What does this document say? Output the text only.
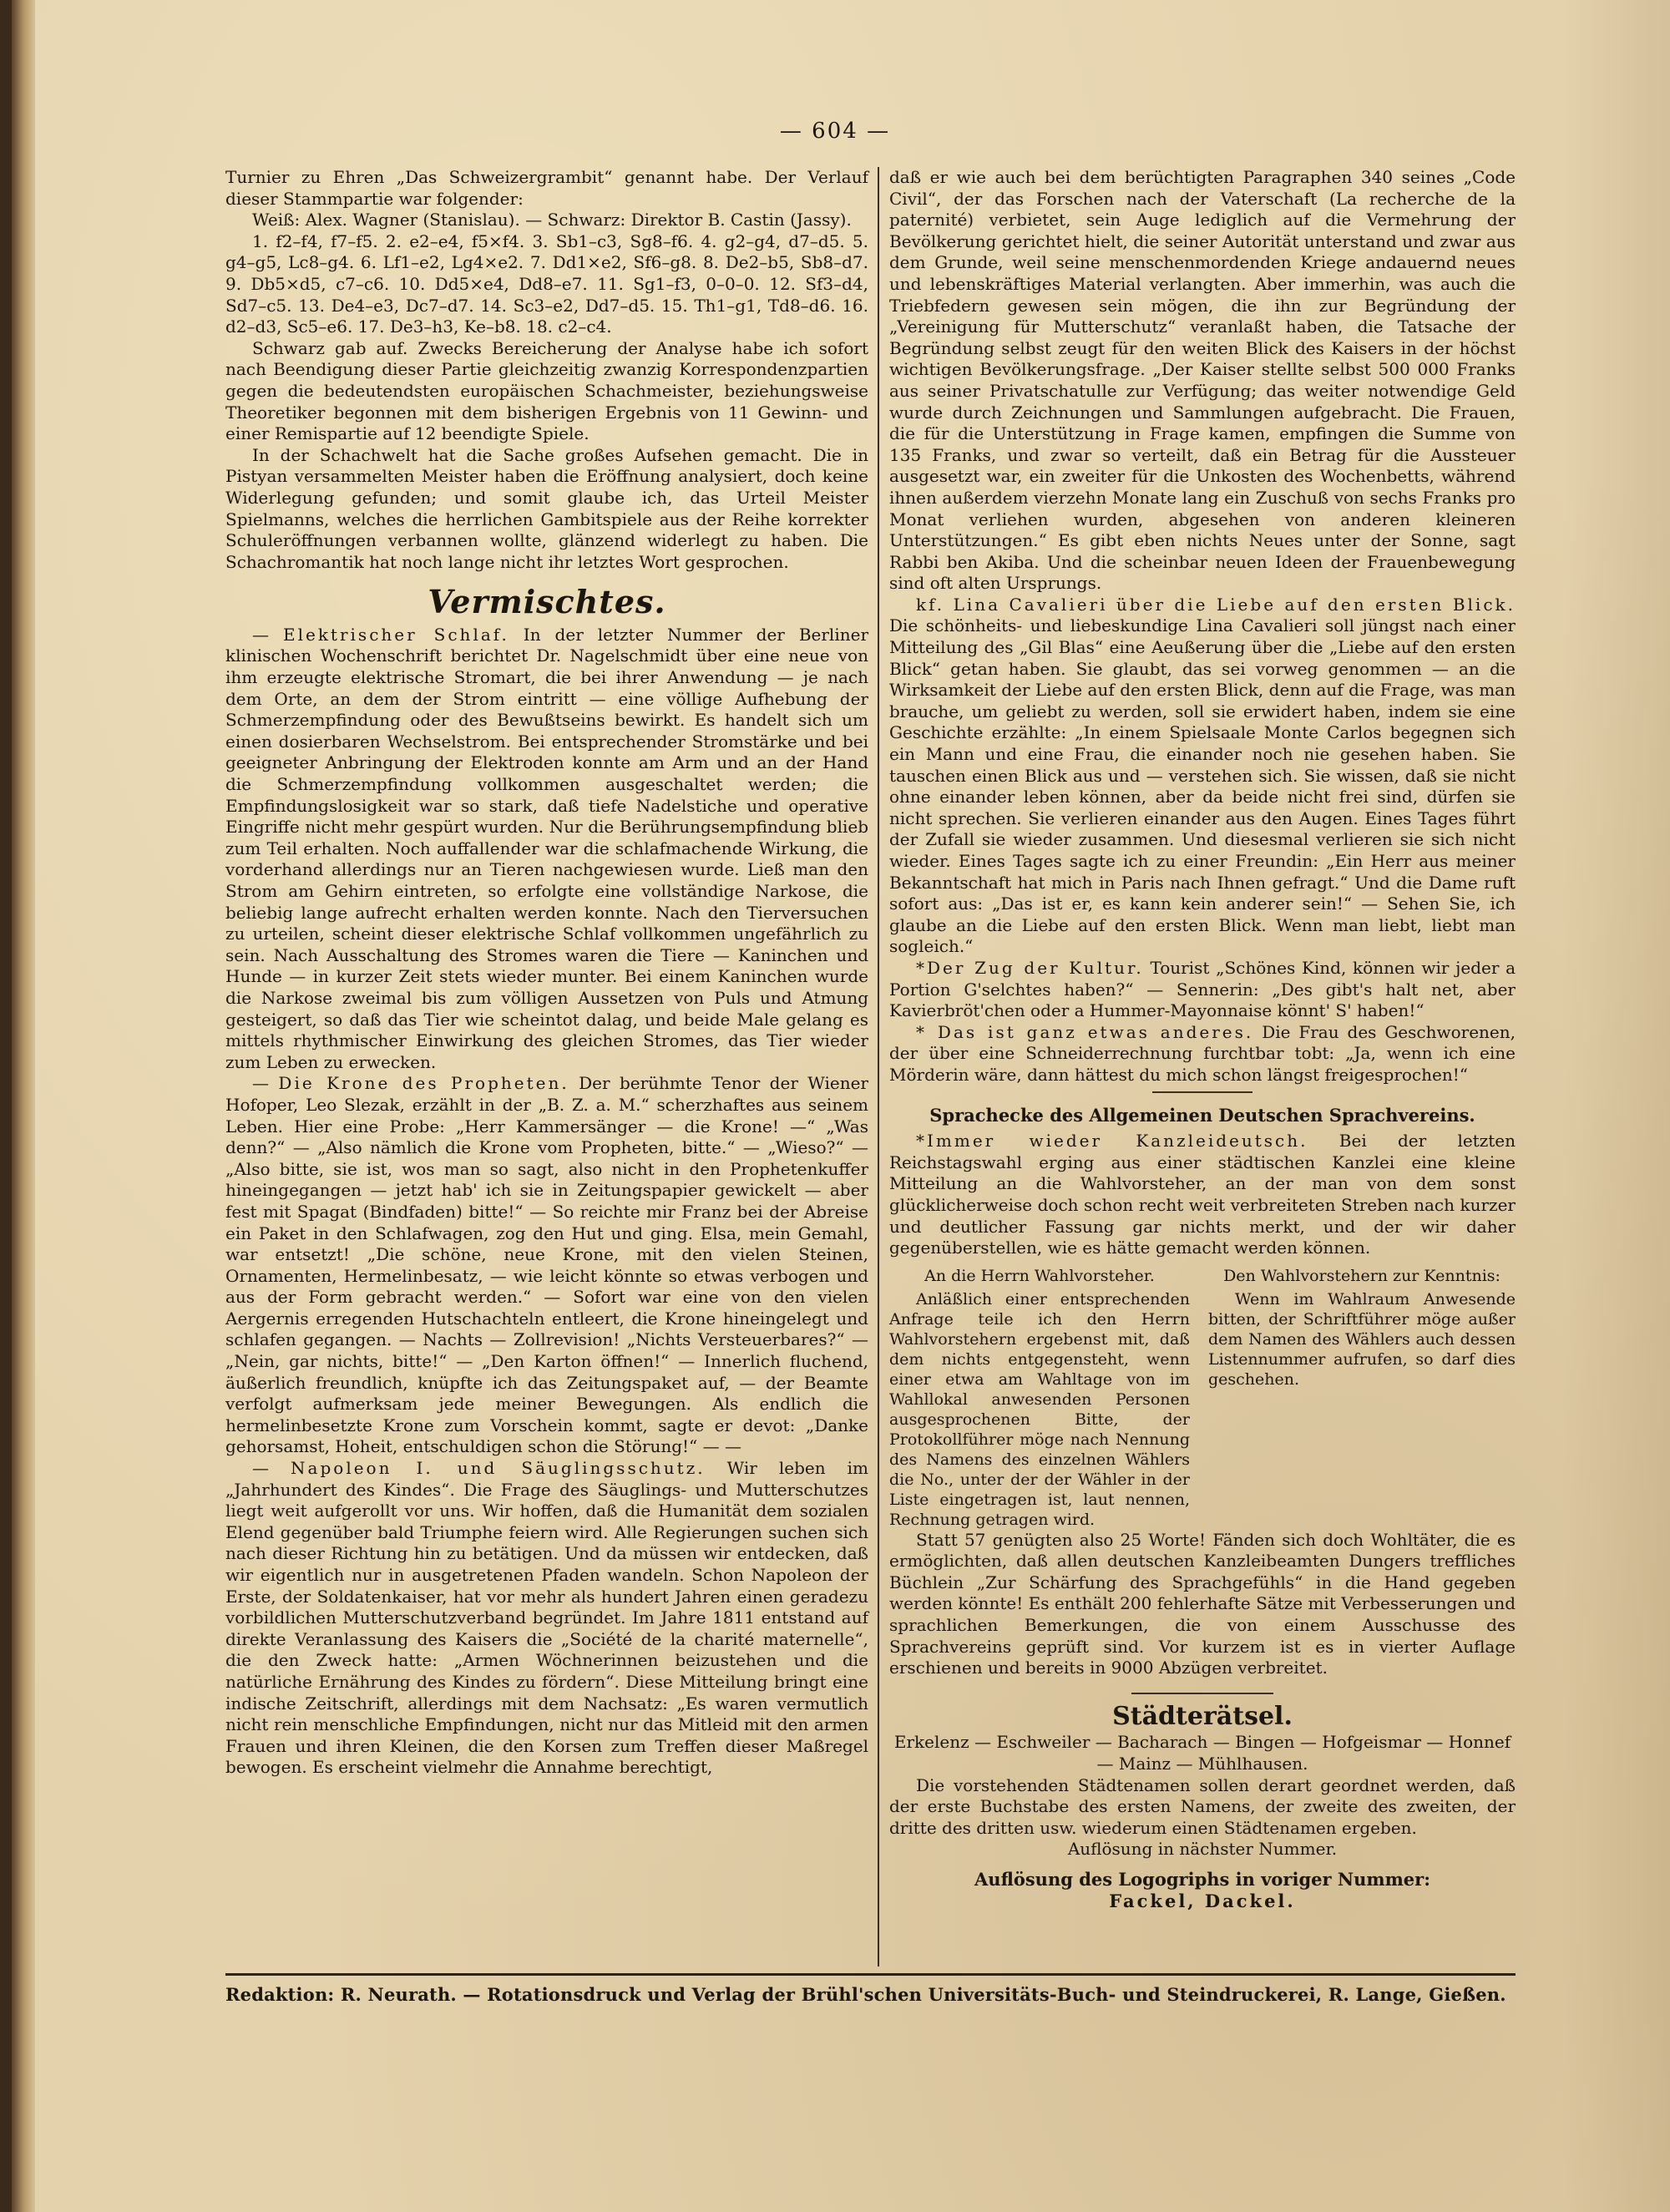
— 604 —

Turnier zu Ehren „Das Schweizergrambit“ genannt habe. Der Verlauf dieser Stammpartie war folgender:

Weiß: Alex. Wagner (Stanislau). — Schwarz: Direktor B. Castin (Jassy).

1. f2–f4, f7–f5. 2. e2–e4, f5×f4. 3. Sb1–c3, Sg8–f6. 4. g2–g4, d7–d5. 5. g4–g5, Lc8–g4. 6. Lf1–e2, Lg4×e2. 7. Dd1×e2, Sf6–g8. 8. De2–b5, Sb8–d7. 9. Db5×d5, c7–c6. 10. Dd5×e4, Dd8–e7. 11. Sg1–f3, 0–0–0. 12. Sf3–d4, Sd7–c5. 13. De4–e3, Dc7–d7. 14. Sc3–e2, Dd7–d5. 15. Th1–g1, Td8–d6. 16. d2–d3, Sc5–e6. 17. De3–h3, Ke–b8. 18. c2–c4.

Schwarz gab auf. Zwecks Bereicherung der Analyse habe ich sofort nach Beendigung dieser Partie gleichzeitig zwanzig Korrespondenzpartien gegen die bedeutendsten europäischen Schachmeister, beziehungsweise Theoretiker begonnen mit dem bisherigen Ergebnis von 11 Gewinn- und einer Remispartie auf 12 beendigte Spiele.

In der Schachwelt hat die Sache großes Aufsehen gemacht. Die in Pistyan versammelten Meister haben die Eröffnung analysiert, doch keine Widerlegung gefunden; und somit glaube ich, das Urteil Meister Spielmanns, welches die herrlichen Gambitspiele aus der Reihe korrekter Schuleröffnungen verbannen wollte, glänzend widerlegt zu haben. Die Schachromantik hat noch lange nicht ihr letztes Wort gesprochen.

Vermischtes.

— Elektrischer Schlaf. In der letzter Nummer der Berliner klinischen Wochenschrift berichtet Dr. Nagelschmidt über eine neue von ihm erzeugte elektrische Stromart, die bei ihrer Anwendung — je nach dem Orte, an dem der Strom eintritt — eine völlige Aufhebung der Schmerzempfindung oder des Bewußtseins bewirkt. Es handelt sich um einen dosierbaren Wechselstrom. Bei entsprechender Stromstärke und bei geeigneter Anbringung der Elektroden konnte am Arm und an der Hand die Schmerzempfindung vollkommen ausgeschaltet werden; die Empfindungslosigkeit war so stark, daß tiefe Nadelstiche und operative Eingriffe nicht mehr gespürt wurden. Nur die Berührungsempfindung blieb zum Teil erhalten. Noch auffallender war die schlafmachende Wirkung, die vorderhand allerdings nur an Tieren nachgewiesen wurde. Ließ man den Strom am Gehirn eintreten, so erfolgte eine vollständige Narkose, die beliebig lange aufrecht erhalten werden konnte. Nach den Tierversuchen zu urteilen, scheint dieser elektrische Schlaf vollkommen ungefährlich zu sein. Nach Ausschaltung des Stromes waren die Tiere — Kaninchen und Hunde — in kurzer Zeit stets wieder munter. Bei einem Kaninchen wurde die Narkose zweimal bis zum völligen Aussetzen von Puls und Atmung gesteigert, so daß das Tier wie scheintot dalag, und beide Male gelang es mittels rhythmischer Einwirkung des gleichen Stromes, das Tier wieder zum Leben zu erwecken.

— Die Krone des Propheten. Der berühmte Tenor der Wiener Hofoper, Leo Slezak, erzählt in der „B. Z. a. M.“ scherzhaftes aus seinem Leben. Hier eine Probe: „Herr Kammersänger — die Krone! —“ „Was denn?“ — „Also nämlich die Krone vom Propheten, bitte.“ — „Wieso?“ — „Also bitte, sie ist, wos man so sagt, also nicht in den Prophetenkuffer hineingegangen — jetzt hab' ich sie in Zeitungspapier gewickelt — aber fest mit Spagat (Bindfaden) bitte!“ — So reichte mir Franz bei der Abreise ein Paket in den Schlafwagen, zog den Hut und ging. Elsa, mein Gemahl, war entsetzt! „Die schöne, neue Krone, mit den vielen Steinen, Ornamenten, Hermelinbesatz, — wie leicht könnte so etwas verbogen und aus der Form gebracht werden.“ — Sofort war eine von den vielen Aergernis erregenden Hutschachteln entleert, die Krone hineingelegt und schlafen gegangen. — Nachts — Zollrevision! „Nichts Versteuerbares?“ — „Nein, gar nichts, bitte!“ — „Den Karton öffnen!“ — Innerlich fluchend, äußerlich freundlich, knüpfte ich das Zeitungspaket auf, — der Beamte verfolgt aufmerksam jede meiner Bewegungen. Als endlich die hermelinbesetzte Krone zum Vorschein kommt, sagte er devot: „Danke gehorsamst, Hoheit, entschuldigen schon die Störung!“ — —

— Napoleon I. und Säuglingsschutz. Wir leben im „Jahrhundert des Kindes“. Die Frage des Säuglings- und Mutterschutzes liegt weit aufgerollt vor uns. Wir hoffen, daß die Humanität dem sozialen Elend gegenüber bald Triumphe feiern wird. Alle Regierungen suchen sich nach dieser Richtung hin zu betätigen. Und da müssen wir entdecken, daß wir eigentlich nur in ausgetretenen Pfaden wandeln. Schon Napoleon der Erste, der Soldatenkaiser, hat vor mehr als hundert Jahren einen geradezu vorbildlichen Mutterschutzverband begründet. Im Jahre 1811 entstand auf direkte Veranlassung des Kaisers die „Société de la charité maternelle“, die den Zweck hatte: „Armen Wöchnerinnen beizustehen und die natürliche Ernährung des Kindes zu fördern“. Diese Mitteilung bringt eine indische Zeitschrift, allerdings mit dem Nachsatz: „Es waren vermutlich nicht rein menschliche Empfindungen, nicht nur das Mitleid mit den armen Frauen und ihren Kleinen, die den Korsen zum Treffen dieser Maßregel bewogen. Es erscheint vielmehr die Annahme berechtigt,

daß er wie auch bei dem berüchtigten Paragraphen 340 seines „Code Civil“, der das Forschen nach der Vaterschaft (La recherche de la paternité) verbietet, sein Auge lediglich auf die Vermehrung der Bevölkerung gerichtet hielt, die seiner Autorität unterstand und zwar aus dem Grunde, weil seine menschenmordenden Kriege andauernd neues und lebenskräftiges Material verlangten. Aber immerhin, was auch die Triebfedern gewesen sein mögen, die ihn zur Begründung der „Vereinigung für Mutterschutz“ veranlaßt haben, die Tatsache der Begründung selbst zeugt für den weiten Blick des Kaisers in der höchst wichtigen Bevölkerungsfrage. „Der Kaiser stellte selbst 500 000 Franks aus seiner Privatschatulle zur Verfügung; das weiter notwendige Geld wurde durch Zeichnungen und Sammlungen aufgebracht. Die Frauen, die für die Unterstützung in Frage kamen, empfingen die Summe von 135 Franks, und zwar so verteilt, daß ein Betrag für die Aussteuer ausgesetzt war, ein zweiter für die Unkosten des Wochenbetts, während ihnen außerdem vierzehn Monate lang ein Zuschuß von sechs Franks pro Monat verliehen wurden, abgesehen von anderen kleineren Unterstützungen.“ Es gibt eben nichts Neues unter der Sonne, sagt Rabbi ben Akiba. Und die scheinbar neuen Ideen der Frauenbewegung sind oft alten Ursprungs.

kf. Lina Cavalieri über die Liebe auf den ersten Blick. Die schönheits- und liebeskundige Lina Cavalieri soll jüngst nach einer Mitteilung des „Gil Blas“ eine Aeußerung über die „Liebe auf den ersten Blick“ getan haben. Sie glaubt, das sei vorweg genommen — an die Wirksamkeit der Liebe auf den ersten Blick, denn auf die Frage, was man brauche, um geliebt zu werden, soll sie erwidert haben, indem sie eine Geschichte erzählte: „In einem Spielsaale Monte Carlos begegnen sich ein Mann und eine Frau, die einander noch nie gesehen haben. Sie tauschen einen Blick aus und — verstehen sich. Sie wissen, daß sie nicht ohne einander leben können, aber da beide nicht frei sind, dürfen sie nicht sprechen. Sie verlieren einander aus den Augen. Eines Tages führt der Zufall sie wieder zusammen. Und diesesmal verlieren sie sich nicht wieder. Eines Tages sagte ich zu einer Freundin: „Ein Herr aus meiner Bekanntschaft hat mich in Paris nach Ihnen gefragt.“ Und die Dame ruft sofort aus: „Das ist er, es kann kein anderer sein!“ — Sehen Sie, ich glaube an die Liebe auf den ersten Blick. Wenn man liebt, liebt man sogleich.“

*Der Zug der Kultur. Tourist „Schönes Kind, können wir jeder a Portion G'selchtes haben?“ — Sennerin: „Des gibt's halt net, aber Kavierbröt'chen oder a Hummer-Mayonnaise könnt' S' haben!“

* Das ist ganz etwas anderes. Die Frau des Geschworenen, der über eine Schneiderrechnung furchtbar tobt: „Ja, wenn ich eine Mörderin wäre, dann hättest du mich schon längst freigesprochen!“

Sprachecke des Allgemeinen Deutschen Sprachvereins.

*Immer wieder Kanzleideutsch. Bei der letzten Reichstagswahl erging aus einer städtischen Kanzlei eine kleine Mitteilung an die Wahlvorsteher, an der man von dem sonst glücklicherweise doch schon recht weit verbreiteten Streben nach kurzer und deutlicher Fassung gar nichts merkt, und der wir daher gegenüberstellen, wie es hätte gemacht werden können.

An die Herrn Wahlvorsteher.

Anläßlich einer entsprechenden Anfrage teile ich den Herrn Wahlvorstehern ergebenst mit, daß dem nichts entgegensteht, wenn einer etwa am Wahltage von im Wahllokal anwesenden Personen ausgesprochenen Bitte, der Protokollführer möge nach Nennung des Namens des einzelnen Wählers die No., unter der der Wähler in der Liste eingetragen ist, laut nennen, Rechnung getragen wird.

Den Wahlvorstehern zur Kenntnis:

Wenn im Wahlraum Anwesende bitten, der Schriftführer möge außer dem Namen des Wählers auch dessen Listennummer aufrufen, so darf dies geschehen.

Statt 57 genügten also 25 Worte! Fänden sich doch Wohltäter, die es ermöglichten, daß allen deutschen Kanzleibeamten Dungers treffliches Büchlein „Zur Schärfung des Sprachgefühls“ in die Hand gegeben werden könnte! Es enthält 200 fehlerhafte Sätze mit Verbesserungen und sprachlichen Bemerkungen, die von einem Ausschusse des Sprachvereins geprüft sind. Vor kurzem ist es in vierter Auflage erschienen und bereits in 9000 Abzügen verbreitet.

Städterätsel.

Erkelenz — Eschweiler — Bacharach — Bingen — Hofgeismar — Honnef — Mainz — Mühlhausen.

Die vorstehenden Städtenamen sollen derart geordnet werden, daß der erste Buchstabe des ersten Namens, der zweite des zweiten, der dritte des dritten usw. wiederum einen Städtenamen ergeben.

Auflösung in nächster Nummer.
Auflösung des Logogriphs in voriger Nummer:
Fackel, Dackel.
Redaktion: R. Neurath. — Rotationsdruck und Verlag der Brühl'schen Universitäts-Buch- und Steindruckerei, R. Lange, Gießen.
